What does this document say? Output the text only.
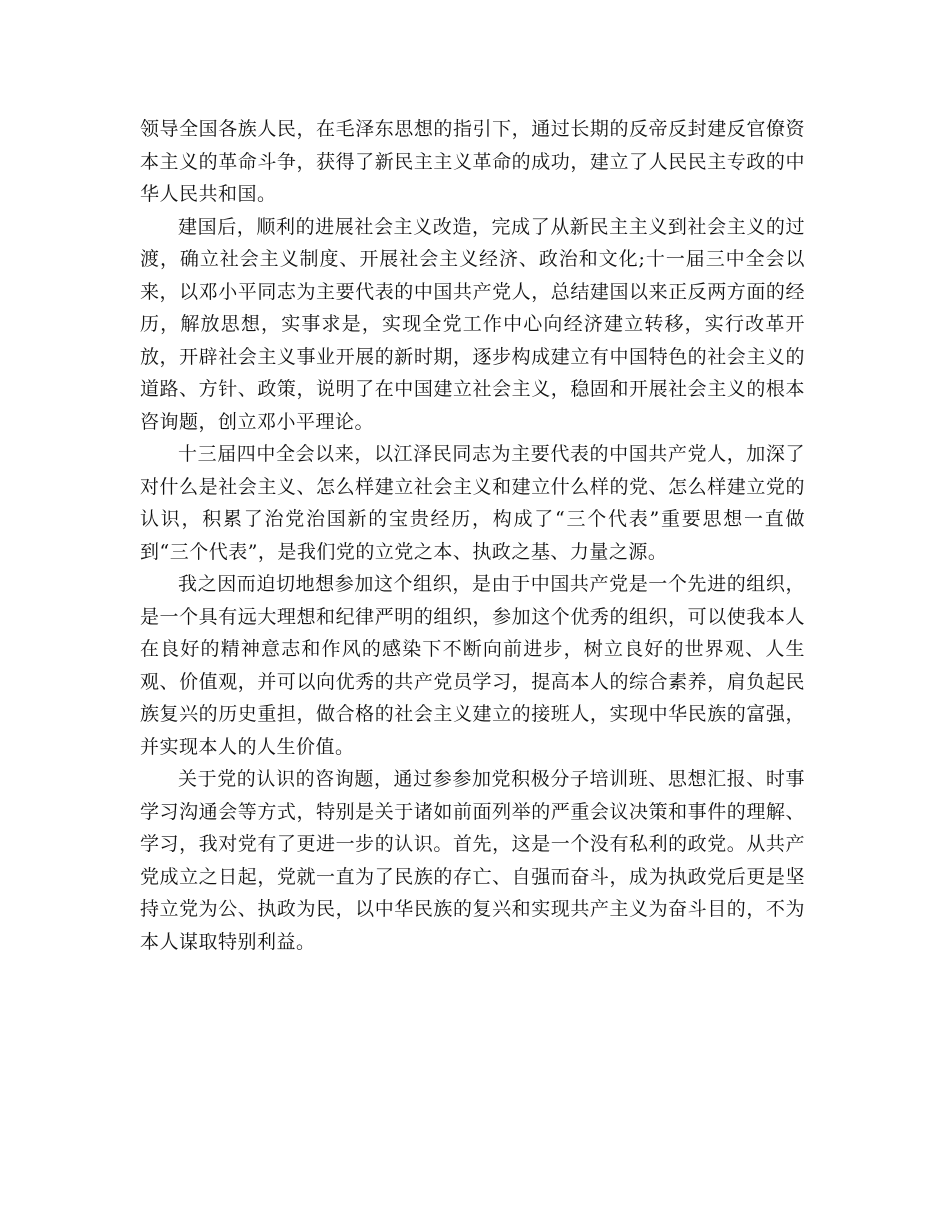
领导全国各族人民，在毛泽东思想的指引下，通过长期的反帝反封建反官僚资本主义的革命斗争，获得了新民主主义革命的成功，建立了人民民主专政的中华人民共和国。

建国后，顺利的进展社会主义改造，完成了从新民主主义到社会主义的过渡，确立社会主义制度、开展社会主义经济、政治和文化;十一届三中全会以来，以邓小平同志为主要代表的中国共产党人，总结建国以来正反两方面的经历，解放思想，实事求是，实现全党工作中心向经济建立转移，实行改革开放，开辟社会主义事业开展的新时期，逐步构成建立有中国特色的社会主义的道路、方针、政策，说明了在中国建立社会主义，稳固和开展社会主义的根本咨询题，创立邓小平理论。

十三届四中全会以来，以江泽民同志为主要代表的中国共产党人，加深了对什么是社会主义、怎么样建立社会主义和建立什么样的党、怎么样建立党的认识，积累了治党治国新的宝贵经历，构成了“三个代表”重要思想一直做到“三个代表”，是我们党的立党之本、执政之基、力量之源。

我之因而迫切地想参加这个组织，是由于中国共产党是一个先进的组织，是一个具有远大理想和纪律严明的组织，参加这个优秀的组织，可以使我本人在良好的精神意志和作风的感染下不断向前进步，树立良好的世界观、人生观、价值观，并可以向优秀的共产党员学习，提高本人的综合素养，肩负起民族复兴的历史重担，做合格的社会主义建立的接班人，实现中华民族的富强，并实现本人的人生价值。

关于党的认识的咨询题，通过参参加党积极分子培训班、思想汇报、时事学习沟通会等方式，特别是关于诸如前面列举的严重会议决策和事件的理解、学习，我对党有了更进一步的认识。首先，这是一个没有私利的政党。从共产党成立之日起，党就一直为了民族的存亡、自强而奋斗，成为执政党后更是坚持立党为公、执政为民，以中华民族的复兴和实现共产主义为奋斗目的，不为本人谋取特别利益。
